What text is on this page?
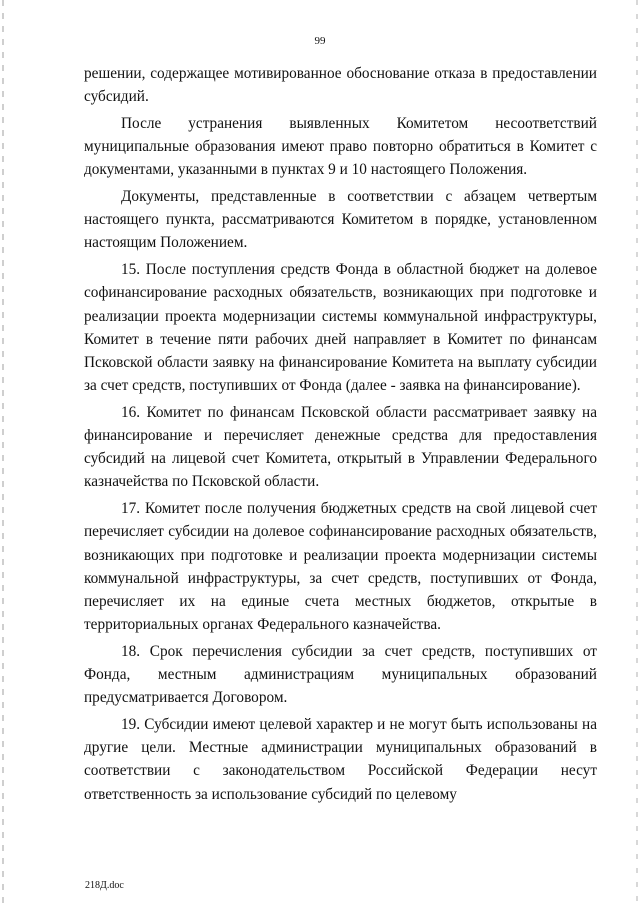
99

решении, содержащее мотивированное обоснование отказа в предоставлении субсидий.

После устранения выявленных Комитетом несоответствий муниципальные образования имеют право повторно обратиться в Комитет с документами, указанными в пунктах 9 и 10 настоящего Положения.

Документы, представленные в соответствии с абзацем четвертым настоящего пункта, рассматриваются Комитетом в порядке, установленном настоящим Положением.

15. После поступления средств Фонда в областной бюджет на долевое софинансирование расходных обязательств, возникающих при подготовке и реализации проекта модернизации системы коммунальной инфраструктуры, Комитет в течение пяти рабочих дней направляет в Комитет по финансам Псковской области заявку на финансирование Комитета на выплату субсидии за счет средств, поступивших от Фонда (далее - заявка на финансирование).

16. Комитет по финансам Псковской области рассматривает заявку на финансирование и перечисляет денежные средства для предоставления субсидий на лицевой счет Комитета, открытый в Управлении Федерального казначейства по Псковской области.

17. Комитет после получения бюджетных средств на свой лицевой счет перечисляет субсидии на долевое софинансирование расходных обязательств, возникающих при подготовке и реализации проекта модернизации системы коммунальной инфраструктуры, за счет средств, поступивших от Фонда, перечисляет их на единые счета местных бюджетов, открытые в территориальных органах Федерального казначейства.

18. Срок перечисления субсидии за счет средств, поступивших от Фонда, местным администрациям муниципальных образований предусматривается Договором.

19. Субсидии имеют целевой характер и не могут быть использованы на другие цели. Местные администрации муниципальных образований в соответствии с законодательством Российской Федерации несут ответственность за использование субсидий по целевому

218Д.doc
